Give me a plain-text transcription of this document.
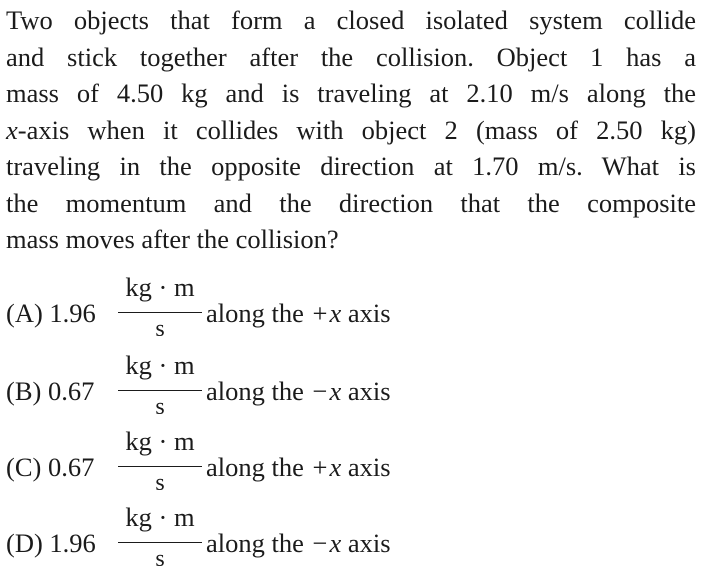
Two objects that form a closed isolated system collide
and stick together after the collision. Object 1 has a
mass of 4.50 kg and is traveling at 2.10 m/s along the
x-axis when it collides with object 2 (mass of 2.50 kg)
traveling in the opposite direction at 1.70 m/s. What is
the momentum and the direction that the composite
mass moves after the collision?
(A) 1.96
kg · m
s
along the +x axis
(B) 0.67
kg · m
s
along the −x axis
(C) 0.67
kg · m
s
along the +x axis
(D) 1.96
kg · m
s
along the −x axis
